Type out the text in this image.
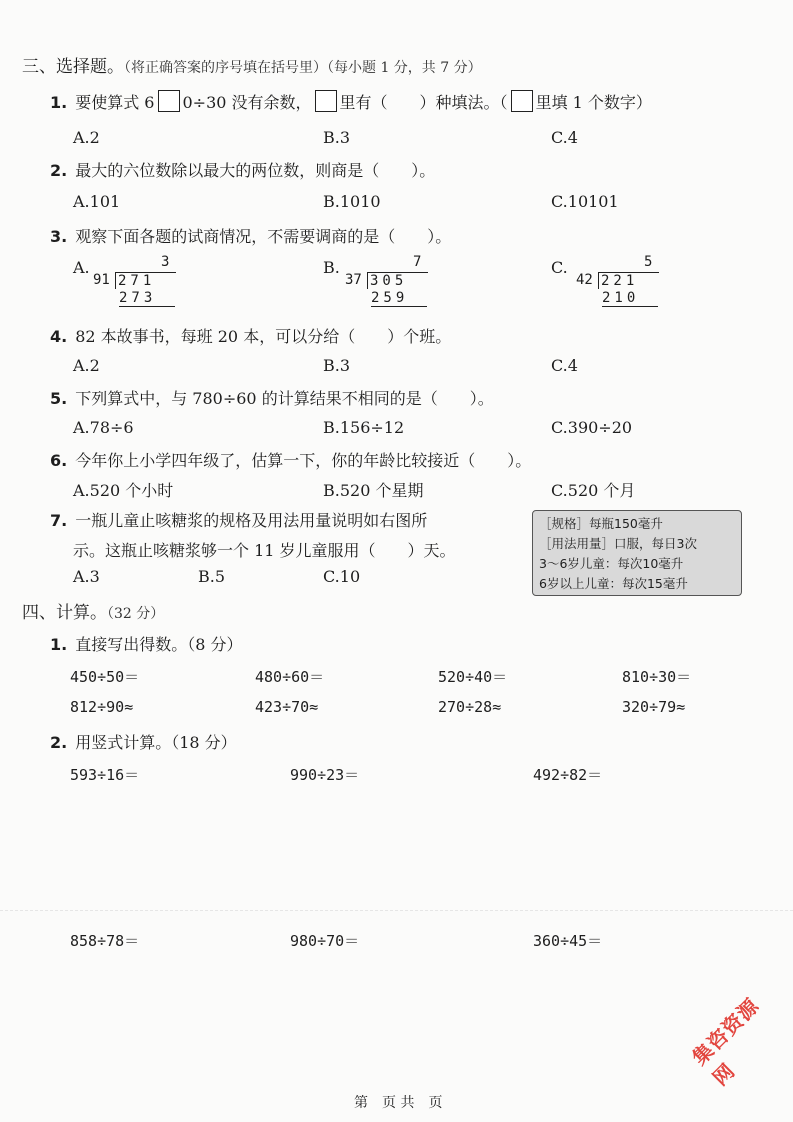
三、选择题。（将正确答案的序号填在括号里）（每小题 1 分，共 7 分）
1. 要使算式 6 0÷30 没有余数， 里有（　　）种填法。（ 里填 1 个数字）
A.2	B.3	C.4
2. 最大的六位数除以最大的两位数，则商是（　　）。
A.101	B.1010	C.10101
3. 观察下面各题的试商情况，不需要调商的是（　　）。
A.	3
91 271
273
B.	7
37 305
259
C.	5
42 221
210
4. 82 本故事书，每班 20 本，可以分给（　　）个班。
A.2	B.3	C.4
5. 下列算式中，与 780÷60 的计算结果不相同的是（　　）。
A.78÷6	B.156÷12	C.390÷20
6. 今年你上小学四年级了，估算一下，你的年龄比较接近（　　）。
A.520 个小时	B.520 个星期	C.520 个月
7. 一瓶儿童止咳糖浆的规格及用法用量说明如右图所
示。这瓶止咳糖浆够一个 11 岁儿童服用（　　）天。
A.3	B.5	C.10
［规格］每瓶150毫升
［用法用量］口服，每日3次
3～6岁儿童：每次10毫升
6岁以上儿童：每次15毫升
四、计算。（32 分）
1. 直接写出得数。（8 分）
450÷50＝	480÷60＝	520÷40＝	810÷30＝
812÷90≈	423÷70≈	270÷28≈	320÷79≈
2. 用竖式计算。（18 分）
593÷16＝	990÷23＝	492÷82＝
858÷78＝	980÷70＝	360÷45＝
集咨资源网
第　页 共　页
